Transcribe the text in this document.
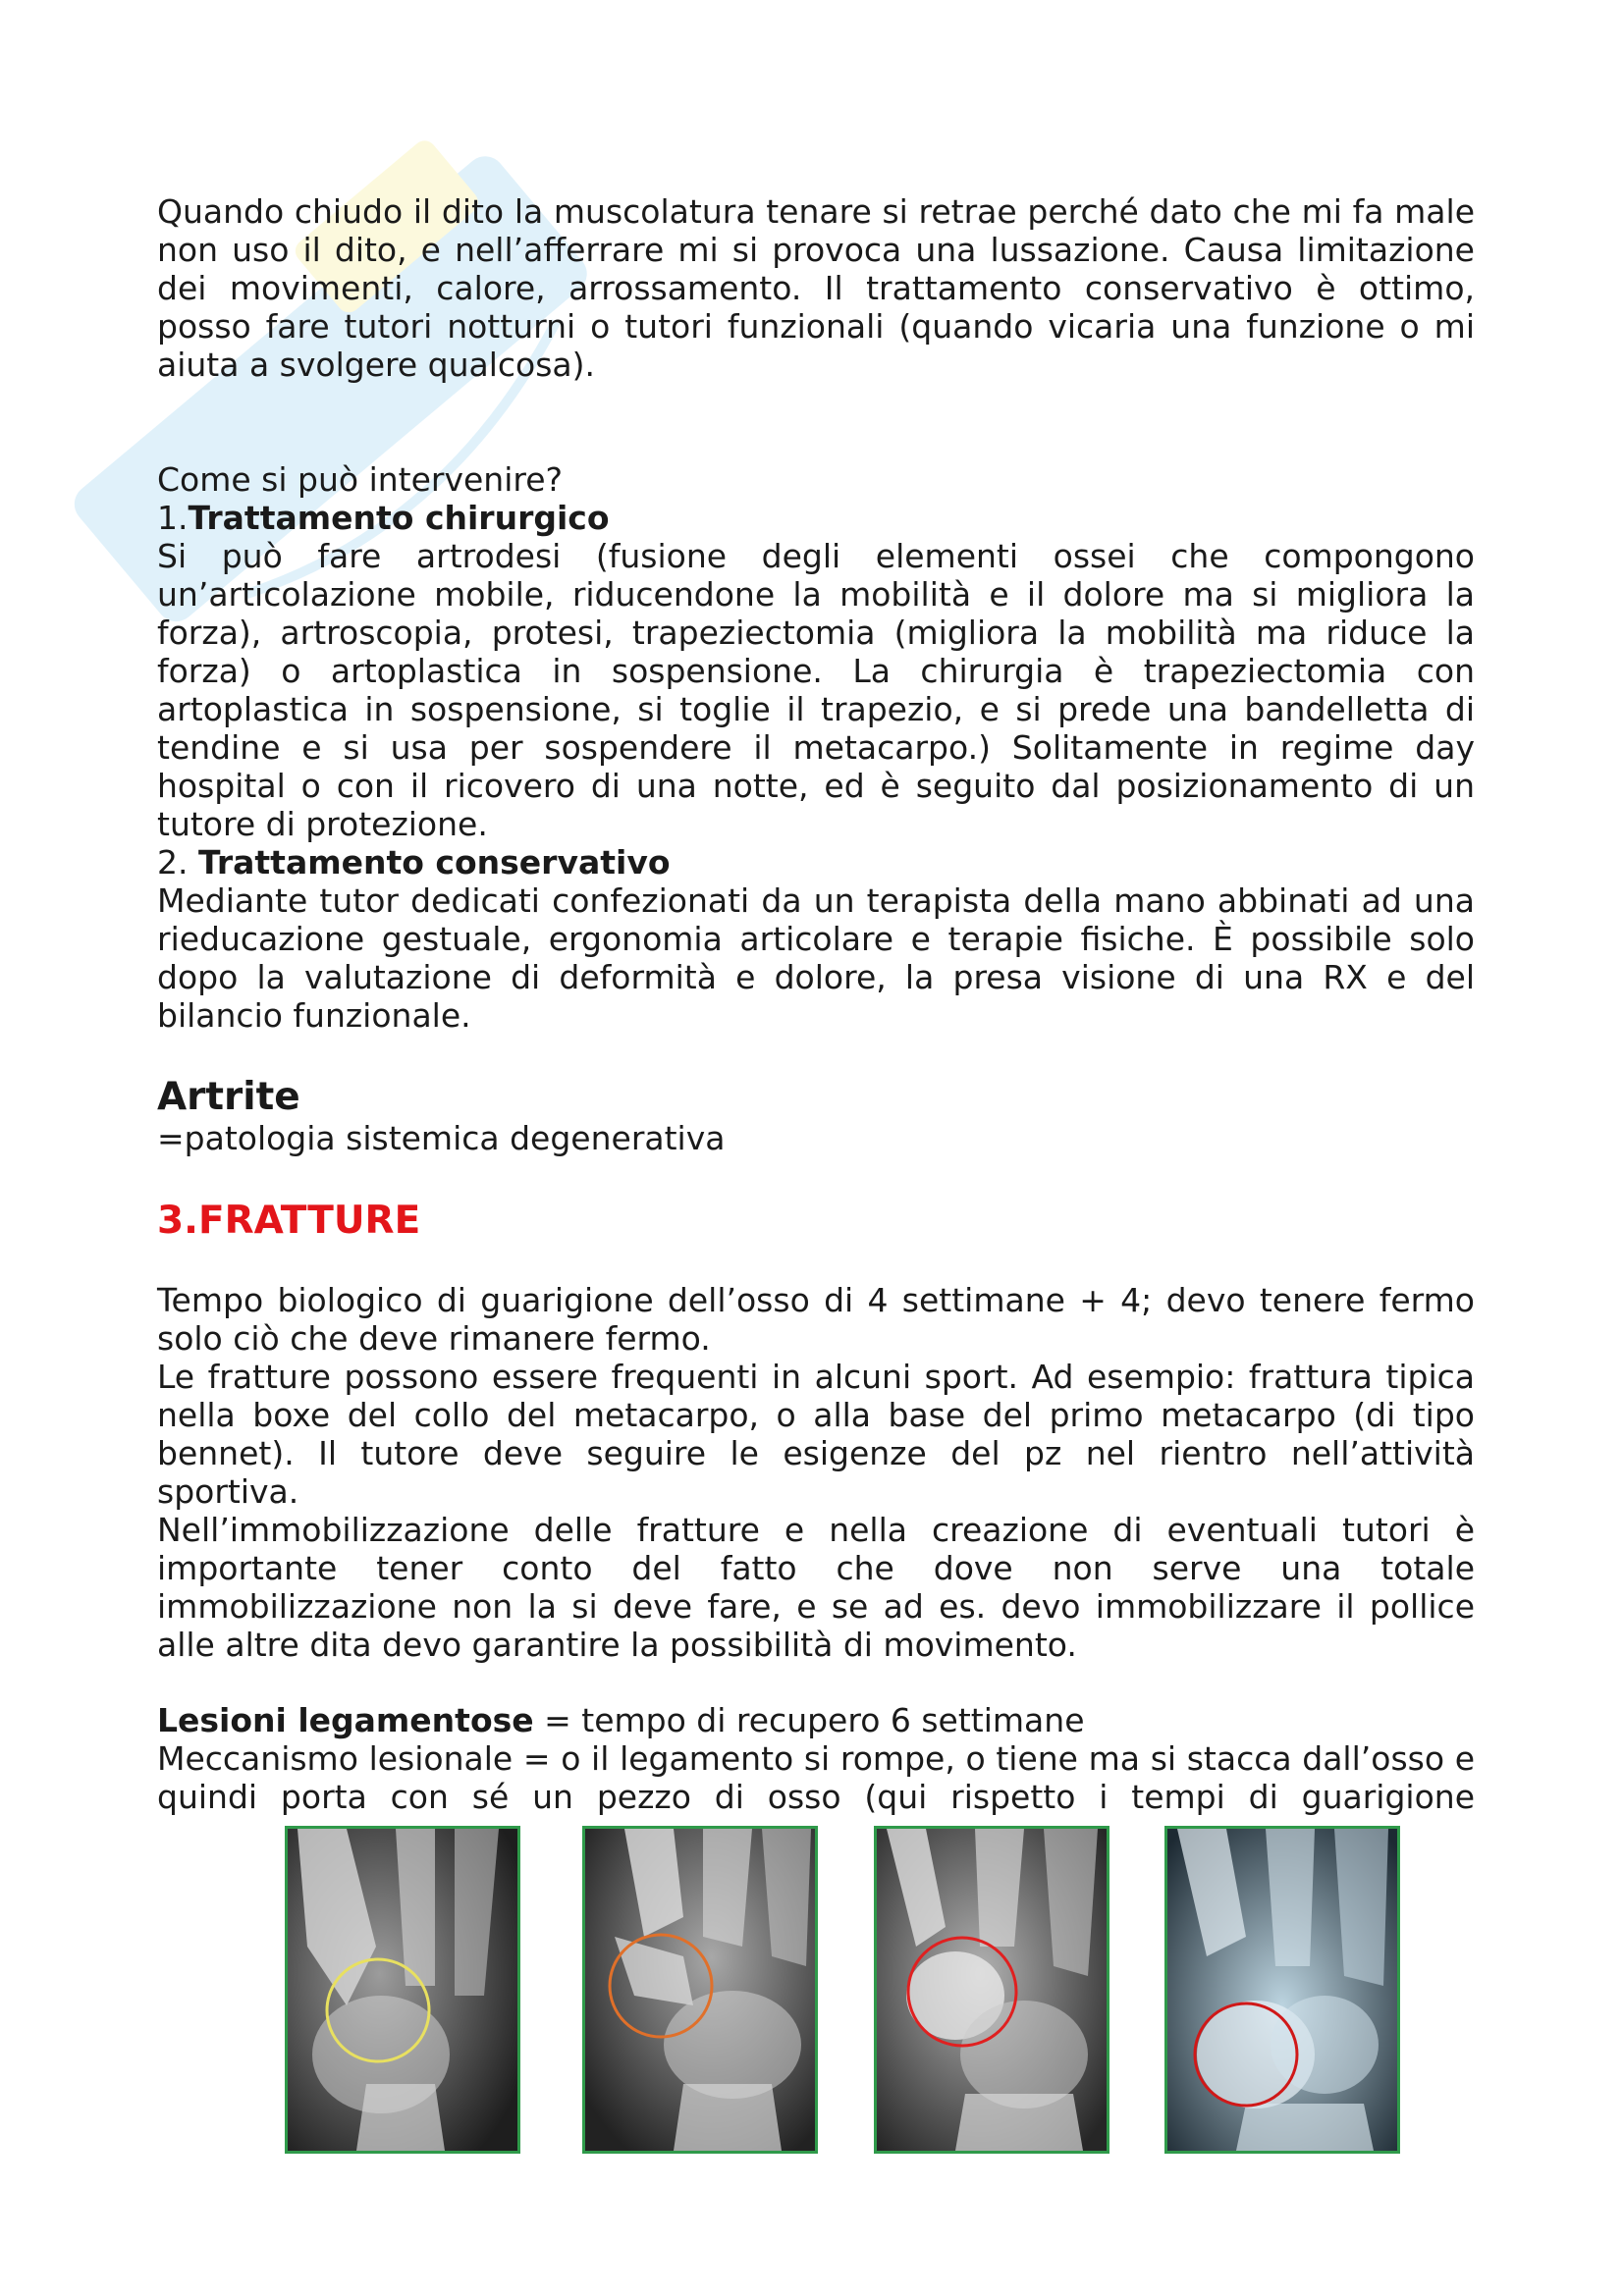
Quando chiudo il dito la muscolatura tenare si retrae perché dato che mi fa male non uso il dito, e nell’afferrare mi si provoca una lussazione. Causa limitazione dei movimenti, calore, arrossamento. Il trattamento conservativo è ottimo, posso fare tutori notturni o tutori funzionali (quando vicaria una funzione o mi aiuta a svolgere qualcosa).

Come si può intervenire?

1.Trattamento chirurgico

Si può fare artrodesi (fusione degli elementi ossei che compongono un’articolazione mobile, riducendone la mobilità e il dolore ma si migliora la forza), artroscopia, protesi, trapeziectomia (migliora la mobilità ma riduce la forza) o artoplastica in sospensione. La chirurgia è trapeziectomia con artoplastica in sospensione, si toglie il trapezio, e si prede una bandelletta di tendine e si usa per sospendere il metacarpo.) Solitamente in regime day hospital o con il ricovero di una notte, ed è seguito dal posizionamento di un tutore di protezione.

2. Trattamento conservativo

Mediante tutor dedicati confezionati da un terapista della mano abbinati ad una rieducazione gestuale, ergonomia articolare e terapie fisiche. È possibile solo dopo la valutazione di deformità e dolore, la presa visione di una RX e del bilancio funzionale.

Artrite

=patologia sistemica degenerativa

3.FRATTURE

Tempo biologico di guarigione dell’osso di 4 settimane + 4; devo tenere fermo solo ciò che deve rimanere fermo.

Le fratture possono essere frequenti in alcuni sport. Ad esempio: frattura tipica nella boxe del collo del metacarpo, o alla base del primo metacarpo (di tipo bennet). Il tutore deve seguire le esigenze del pz nel rientro nell’attività sportiva.

Nell’immobilizzazione delle fratture e nella creazione di eventuali tutori è importante tener conto del fatto che dove non serve una totale immobilizzazione non la si deve fare, e se ad es. devo immobilizzare il pollice alle altre dita devo garantire la possibilità di movimento.

Lesioni legamentose = tempo di recupero 6 settimane

Meccanismo lesionale = o il legamento si rompe, o tiene ma si stacca dall’osso e quindi porta con sé un pezzo di osso (qui rispetto i tempi di guarigione
